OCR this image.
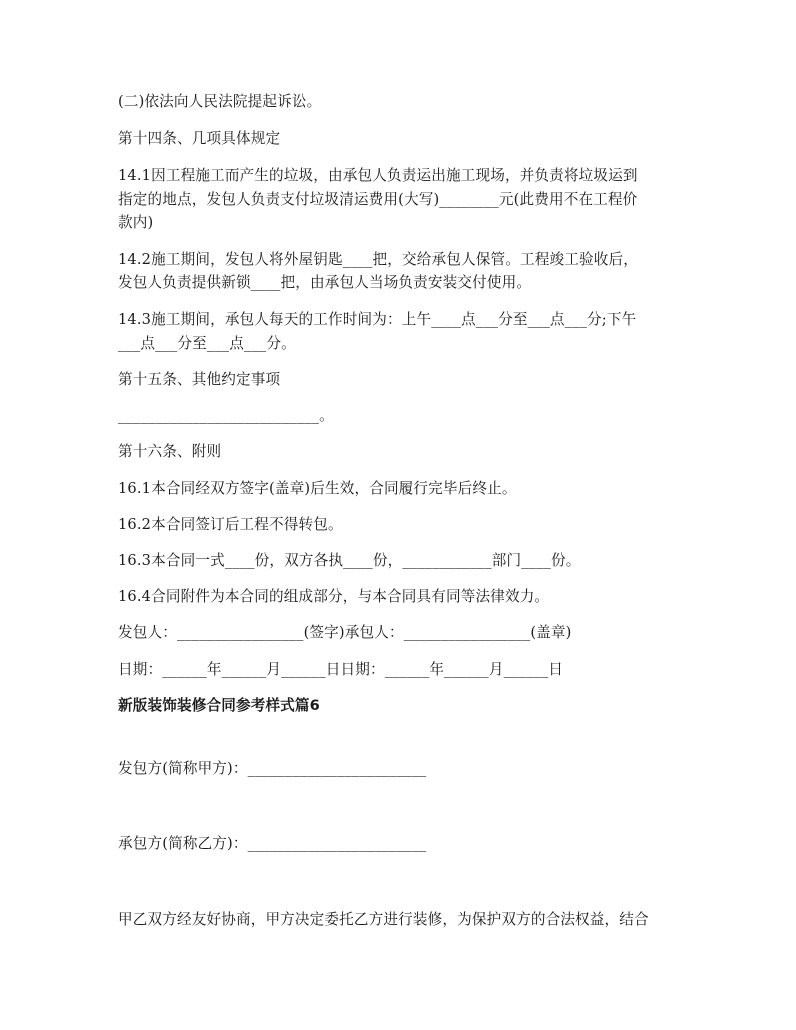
(二)依法向人民法院提起诉讼。
第十四条、几项具体规定
14.1因工程施工而产生的垃圾，由承包人负责运出施工现场，并负责将垃圾运到
指定的地点，发包人负责支付垃圾清运费用(大写)________元(此费用不在工程价
款内)
14.2施工期间，发包人将外屋钥匙____把，交给承包人保管。工程竣工验收后，
发包人负责提供新锁____把，由承包人当场负责安装交付使用。
14.3施工期间，承包人每天的工作时间为：上午____点___分至___点___分;下午
___点___分至___点___分。
第十五条、其他约定事项
___________________________。
第十六条、附则
16.1本合同经双方签字(盖章)后生效，合同履行完毕后终止。
16.2本合同签订后工程不得转包。
16.3本合同一式____份，双方各执____份，____________部门____份。
16.4合同附件为本合同的组成部分，与本合同具有同等法律效力。
发包人：_________________(签字)承包人：_________________(盖章)
日期：______年______月______日日期：______年______月______日
新版装饰装修合同参考样式篇6
发包方(简称甲方)：________________________
承包方(简称乙方)：________________________
甲乙双方经友好协商，甲方决定委托乙方进行装修，为保护双方的合法权益，结合
